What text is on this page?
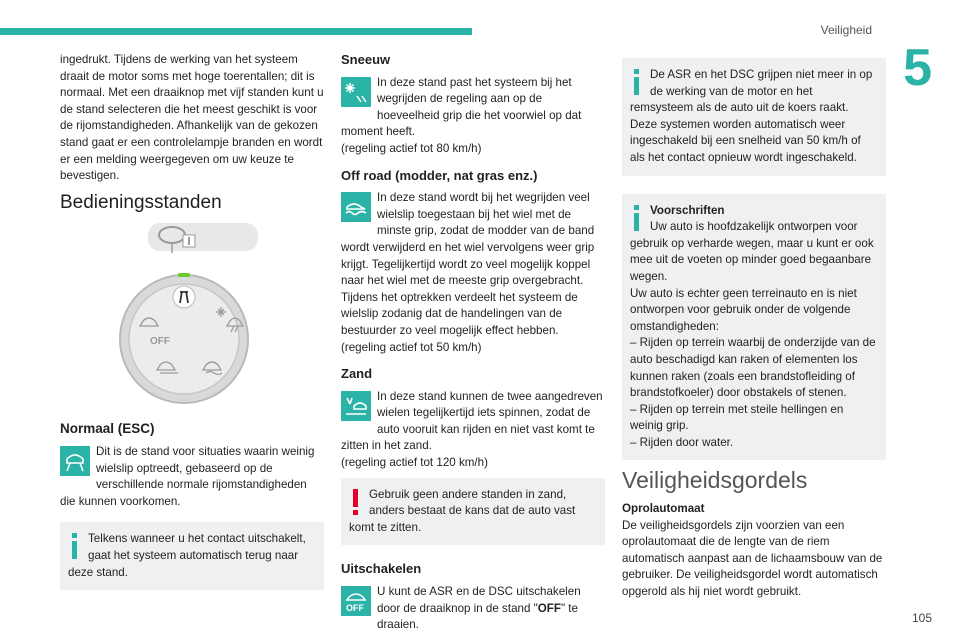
Veiligheid
5
105

ingedrukt. Tijdens de werking van het systeem draait de motor soms met hoge toerentallen; dit is normaal. Met een draaiknop met vijf standen kunt u de stand selecteren die het meest geschikt is voor de rijomstandigheden. Afhankelijk van de gekozen stand gaat er een controlelampje branden en wordt er een melding weergegeven om uw keuze te bevestigen.

Bedieningsstanden
OFF
Normaal (ESC)

Dit is de stand voor situaties waarin weinig wielslip optreedt, gebaseerd op de verschillende normale rijomstandigheden die kunnen voorkomen.

Telkens wanneer u het contact uitschakelt, gaat het systeem automatisch terug naar deze stand.

Sneeuw

In deze stand past het systeem bij het wegrijden de regeling aan op de hoeveelheid grip die het voorwiel op dat moment heeft.

(regeling actief tot 80 km/h)

Off road (modder, nat gras enz.)

In deze stand wordt bij het wegrijden veel wielslip toegestaan bij het wiel met de minste grip, zodat de modder van de band wordt verwijderd en het wiel vervolgens weer grip krijgt. Tegelijkertijd wordt zo veel mogelijk koppel naar het wiel met de meeste grip overgebracht.

Tijdens het optrekken verdeelt het systeem de wielslip zodanig dat de handelingen van de bestuurder zo veel mogelijk effect hebben.

(regeling actief tot 50 km/h)

Zand

In deze stand kunnen de twee aangedreven wielen tegelijkertijd iets spinnen, zodat de auto vooruit kan rijden en niet vast komt te zitten in het zand.

(regeling actief tot 120 km/h)

Gebruik geen andere standen in zand, anders bestaat de kans dat de auto vast komt te zitten.

Uitschakelen
OFF

U kunt de ASR en de DSC uitschakelen door de draaiknop in de stand "OFF" te draaien.

De ASR en het DSC grijpen niet meer in op de werking van de motor en het remsysteem als de auto uit de koers raakt.

Deze systemen worden automatisch weer ingeschakeld bij een snelheid van 50 km/h of als het contact opnieuw wordt ingeschakeld.

Voorschriften

Uw auto is hoofdzakelijk ontworpen voor gebruik op verharde wegen, maar u kunt er ook mee uit de voeten op minder goed begaanbare wegen.

Uw auto is echter geen terreinauto en is niet ontworpen voor gebruik onder de volgende omstandigheden:

– Rijden op terrein waarbij de onderzijde van de auto beschadigd kan raken of elementen los kunnen raken (zoals een brandstofleiding of brandstofkoeler) door obstakels of stenen.

– Rijden op terrein met steile hellingen en weinig grip.

– Rijden door water.

Veiligheidsgordels

Oprolautomaat

De veiligheidsgordels zijn voorzien van een oprolautomaat die de lengte van de riem automatisch aanpast aan de lichaamsbouw van de gebruiker. De veiligheidsgordel wordt automatisch opgerold als hij niet wordt gebruikt.
